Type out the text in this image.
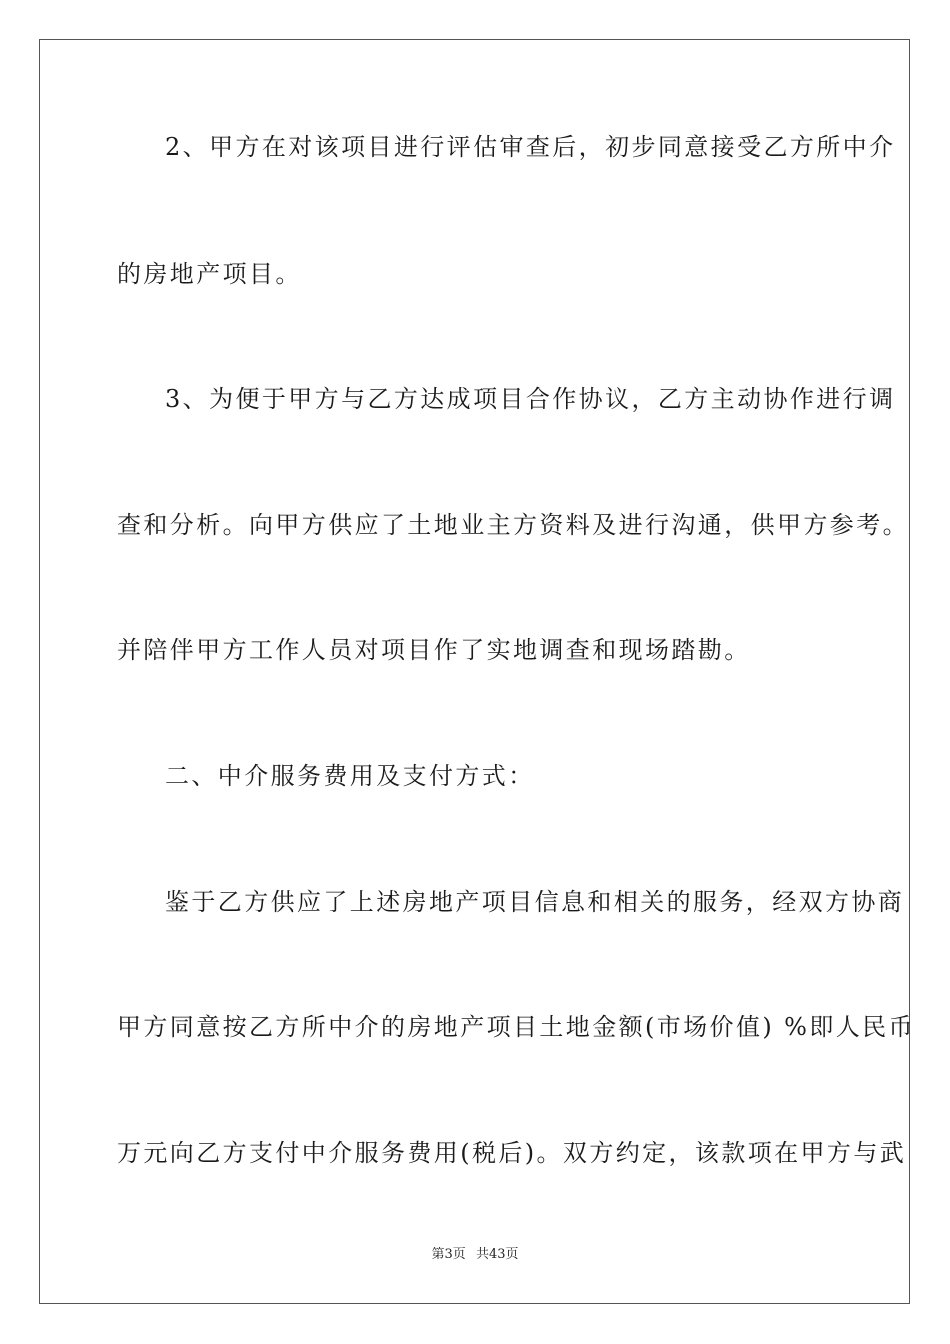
2、甲方在对该项目进行评估审查后，初步同意接受乙方所中介
的房地产项目。
3、为便于甲方与乙方达成项目合作协议，乙方主动协作进行调
查和分析。向甲方供应了土地业主方资料及进行沟通，供甲方参考。
并陪伴甲方工作人员对项目作了实地调查和现场踏勘。
二、中介服务费用及支付方式：
鉴于乙方供应了上述房地产项目信息和相关的服务，经双方协商
甲方同意按乙方所中介的房地产项目土地金额(市场价值) %即人民币
万元向乙方支付中介服务费用(税后)。双方约定，该款项在甲方与武
第3页 共43页
